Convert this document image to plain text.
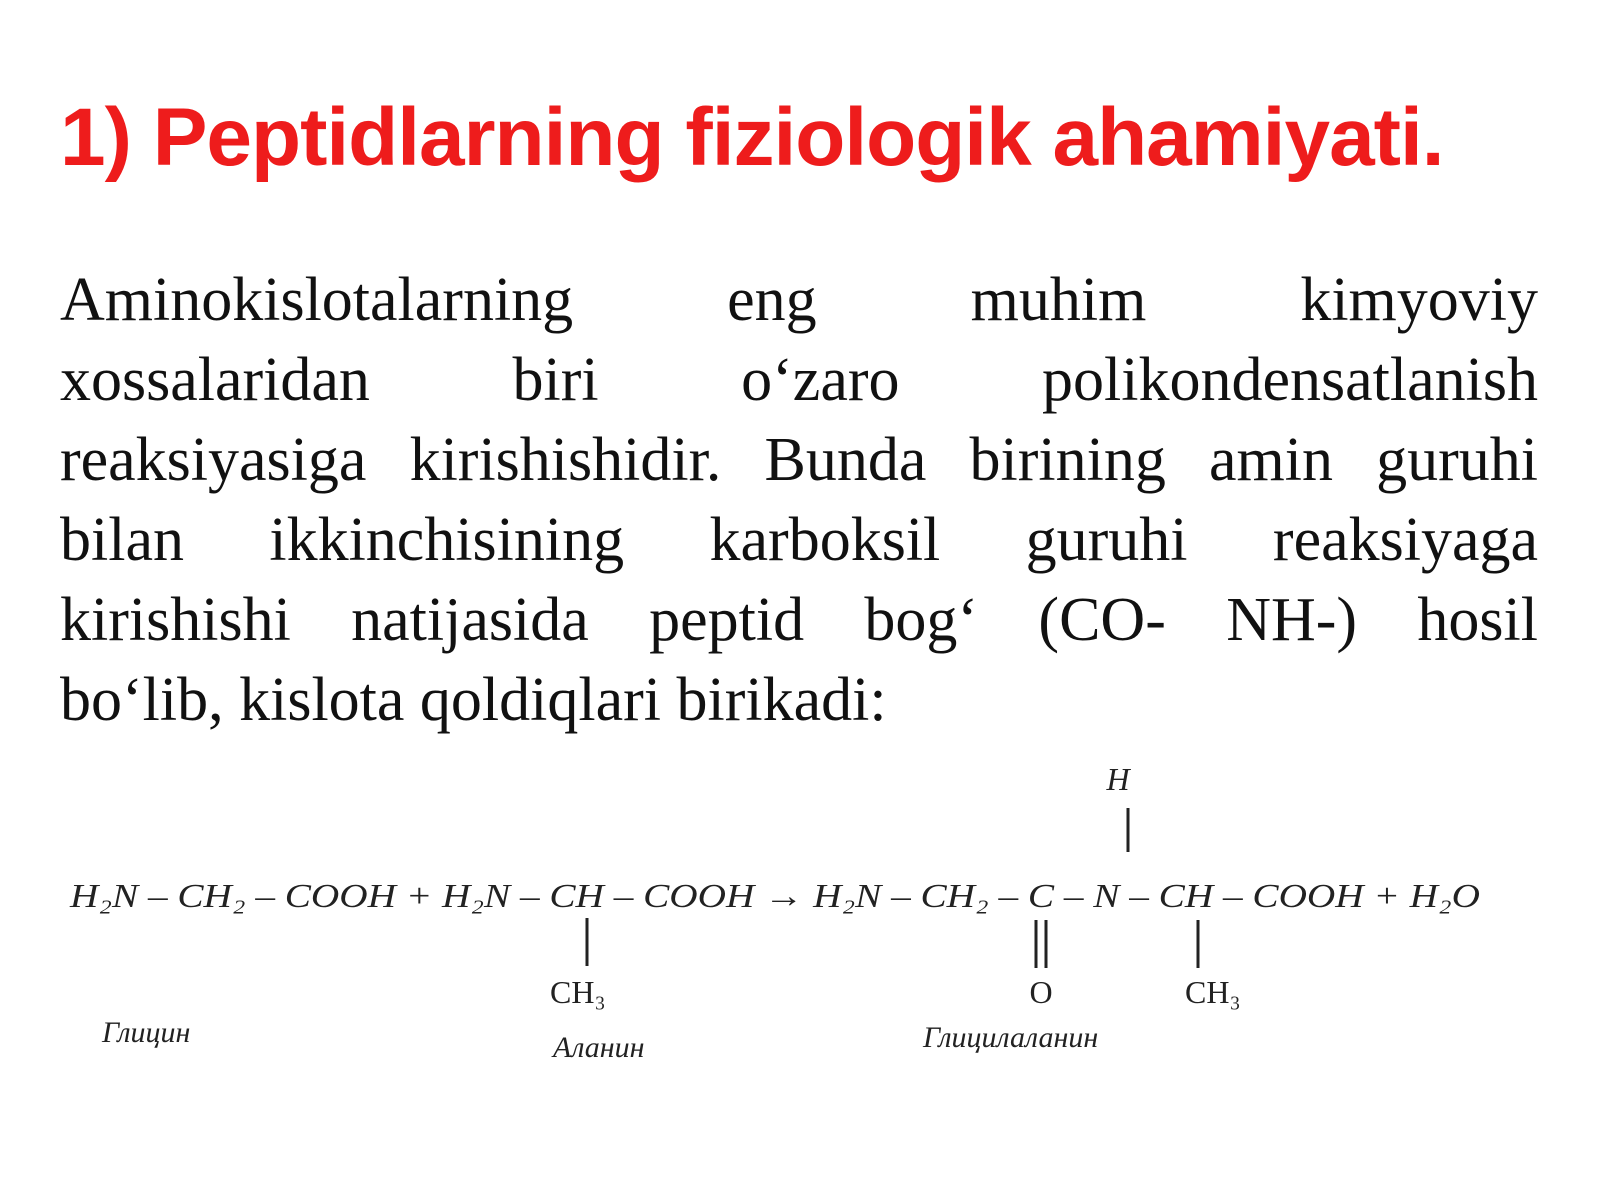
1) Peptidlarning fiziologik ahamiyati.
Aminokislotalarning eng muhim kimyoviy
xossalaridan biri o‘zaro polikondensatlanish
reaksiyasiga kirishishidir. Bunda birining amin guruhi
bilan ikkinchisining karboksil guruhi reaksiyaga
kirishishi natijasida peptid bog‘ (CO- NH-) hosil
bo‘lib, kislota qoldiqlari birikadi:
H
H₂N – CH₂ – COOH + H₂N – CH – COOH → H₂N – CH₂ – C – N – CH – COOH + H₂O
CH₃	O	CH₃
Глицин	Аланин	Глицилаланин
